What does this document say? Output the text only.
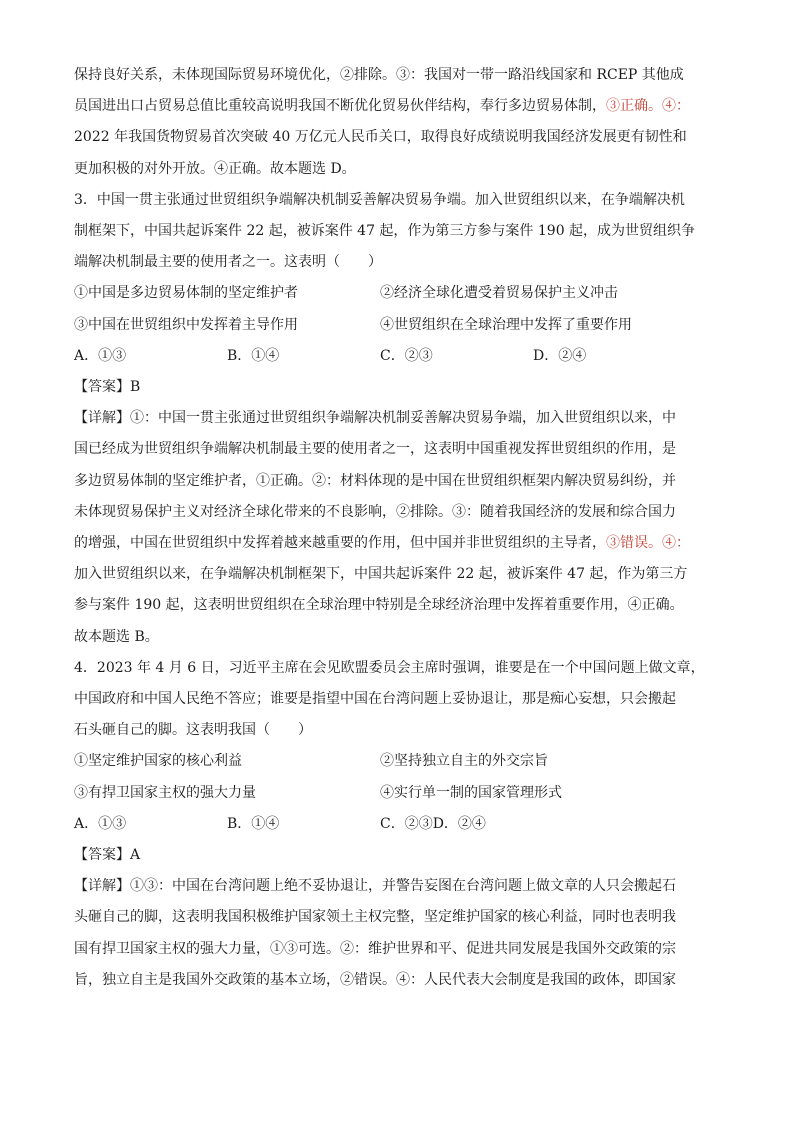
保持良好关系，未体现国际贸易环境优化，②排除。③：我国对一带一路沿线国家和 RCEP 其他成
员国进出口占贸易总值比重较高说明我国不断优化贸易伙伴结构，奉行多边贸易体制，③正确。④：
2022 年我国货物贸易首次突破 40 万亿元人民币关口，取得良好成绩说明我国经济发展更有韧性和
更加积极的对外开放。④正确。故本题选 D。
3．中国一贯主张通过世贸组织争端解决机制妥善解决贸易争端。加入世贸组织以来，在争端解决机
制框架下，中国共起诉案件 22 起，被诉案件 47 起，作为第三方参与案件 190 起，成为世贸组织争
端解决机制最主要的使用者之一。这表明（　　）
①中国是多边贸易体制的坚定维护者	②经济全球化遭受着贸易保护主义冲击
③中国在世贸组织中发挥着主导作用	④世贸组织在全球治理中发挥了重要作用
A．①③	B．①④	C．②③	D．②④
【答案】B
【详解】①：中国一贯主张通过世贸组织争端解决机制妥善解决贸易争端，加入世贸组织以来，中
国已经成为世贸组织争端解决机制最主要的使用者之一，这表明中国重视发挥世贸组织的作用，是
多边贸易体制的坚定维护者，①正确。②：材料体现的是中国在世贸组织框架内解决贸易纠纷，并
未体现贸易保护主义对经济全球化带来的不良影响，②排除。③：随着我国经济的发展和综合国力
的增强，中国在世贸组织中发挥着越来越重要的作用，但中国并非世贸组织的主导者，③错误。④：
加入世贸组织以来，在争端解决机制框架下，中国共起诉案件 22 起，被诉案件 47 起，作为第三方
参与案件 190 起，这表明世贸组织在全球治理中特别是全球经济治理中发挥着重要作用，④正确。
故本题选 B。
4．2023 年 4 月 6 日，习近平主席在会见欧盟委员会主席时强调，谁要是在一个中国问题上做文章，
中国政府和中国人民绝不答应；谁要是指望中国在台湾问题上妥协退让，那是痴心妄想，只会搬起
石头砸自己的脚。这表明我国（　　）
①坚定维护国家的核心利益	②坚持独立自主的外交宗旨
③有捍卫国家主权的强大力量	④实行单一制的国家管理形式
A．①③	B．①④	C．②③D．②④
【答案】A
【详解】①③：中国在台湾问题上绝不妥协退让，并警告妄图在台湾问题上做文章的人只会搬起石
头砸自己的脚，这表明我国积极维护国家领土主权完整，坚定维护国家的核心利益，同时也表明我
国有捍卫国家主权的强大力量，①③可选。②：维护世界和平、促进共同发展是我国外交政策的宗
旨，独立自主是我国外交政策的基本立场，②错误。④：人民代表大会制度是我国的政体，即国家
